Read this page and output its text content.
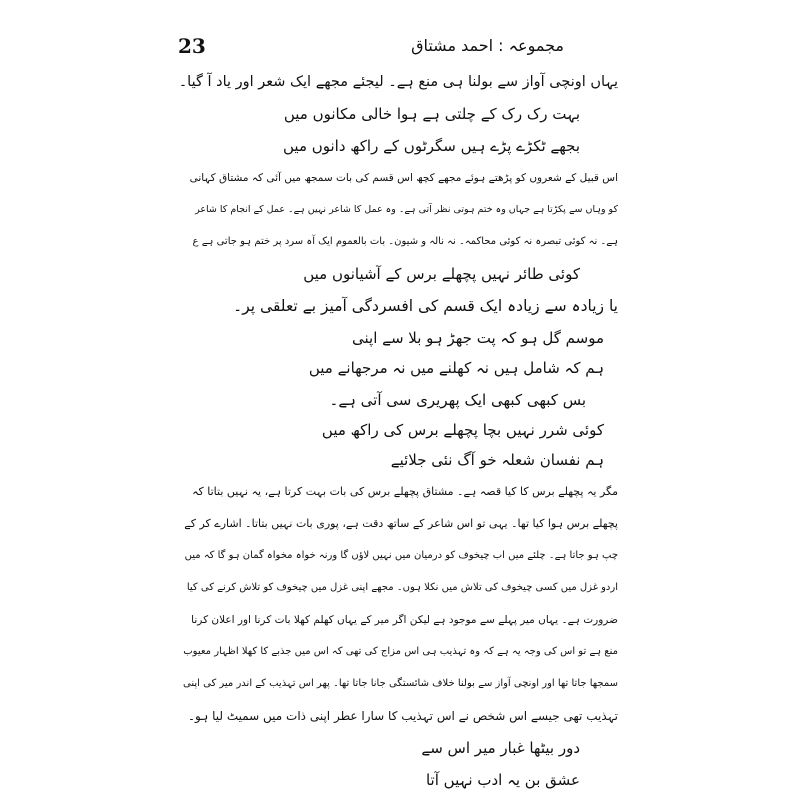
23	مجموعہ : احمد مشتاق
یہاں اونچی آواز سے بولنا ہی منع ہے۔ لیجئے مجھے ایک شعر اور یاد آ گیا۔
بہت رک رک کے چلتی ہے ہوا خالی مکانوں میں
بجھے ٹکڑے پڑے ہیں سگرٹوں کے راکھ دانوں میں
اس قبیل کے شعروں کو پڑھتے ہوئے مجھے کچھ اس قسم کی بات سمجھ میں آئی کہ مشتاق کہانی
کو وہاں سے پکڑتا ہے جہاں وہ ختم ہوتی نظر آتی ہے۔ وہ عمل کا شاعر نہیں ہے۔ عمل کے انجام کا شاعر
ہے۔ نہ کوئی تبصرہ نہ کوئی محاکمہ۔ نہ نالہ و شیون۔ بات بالعموم ایک آہ سرد پر ختم ہو جاتی ہے ع
کوئی طائر نہیں پچھلے برس کے آشیانوں میں
یا زیادہ سے زیادہ ایک قسم کی افسردگی آمیز بے تعلقی پر۔
موسم گل ہو کہ پت جھڑ ہو بلا سے اپنی
ہم کہ شامل ہیں نہ کھلنے میں نہ مرجھانے میں
بس کبھی کبھی ایک پھریری سی آتی ہے۔
کوئی شرر نہیں بچا پچھلے برس کی راکھ میں
ہم نفسان شعلہ خو آگ نئی جلائیے
مگر یہ پچھلے برس کا کیا قصہ ہے۔ مشتاق پچھلے برس کی بات بہت کرتا ہے، یہ نہیں بتاتا کہ
پچھلے برس ہوا کیا تھا۔ یہی تو اس شاعر کے ساتھ دقت ہے، پوری بات نہیں بتاتا۔ اشارے کر کے
چپ ہو جاتا ہے۔ چلئے میں اب چیخوف کو درمیان میں نہیں لاؤں گا ورنہ خواہ مخواہ گمان ہو گا کہ میں
اردو غزل میں کسی چیخوف کی تلاش میں نکلا ہوں۔ مجھے اپنی غزل میں چیخوف کو تلاش کرنے کی کیا
ضرورت ہے۔ یہاں میر پہلے سے موجود ہے لیکن اگر میر کے یہاں کھلم کھلا بات کرنا اور اعلان کرنا
منع ہے تو اس کی وجہ یہ ہے کہ وہ تہذیب ہی اس مزاج کی تھی کہ اس میں جذبے کا کھلا اظہار معیوب
سمجھا جاتا تھا اور اونچی آواز سے بولنا خلاف شائستگی جانا جاتا تھا۔ پھر اس تہذیب کے اندر میر کی اپنی
تہذیب تھی جیسے اس شخص نے اس تہذیب کا سارا عطر اپنی ذات میں سمیٹ لیا ہو۔
دور بیٹھا غبار میر اس سے
عشق بن یہ ادب نہیں آتا
